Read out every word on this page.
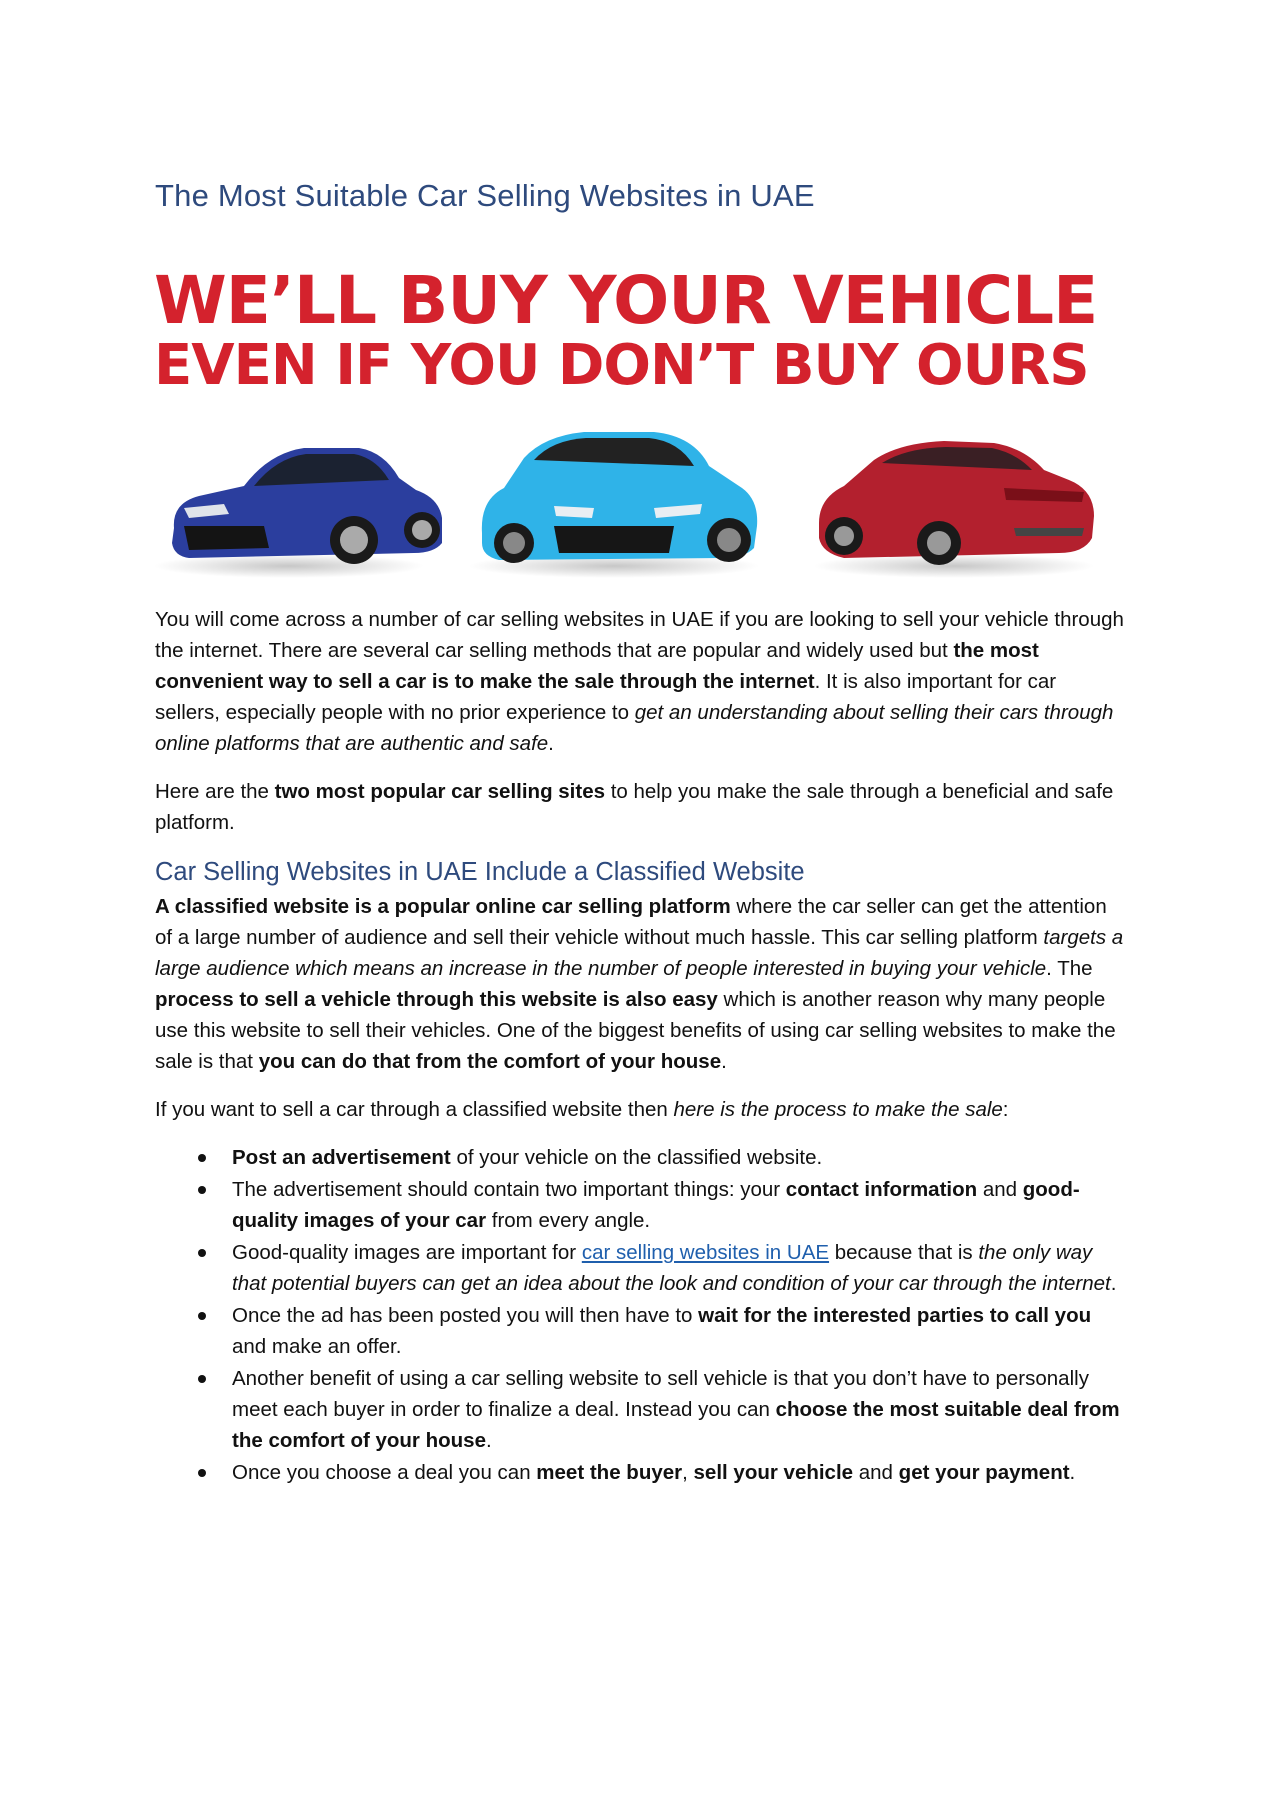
The Most Suitable Car Selling Websites in UAE
WE’LL BUY YOUR VEHICLE
EVEN IF YOU DON’T BUY OURS

You will come across a number of car selling websites in UAE if you are looking to sell your vehicle through the internet. There are several car selling methods that are popular and widely used but the most convenient way to sell a car is to make the sale through the internet. It is also important for car sellers, especially people with no prior experience to get an understanding about selling their cars through online platforms that are authentic and safe.

Here are the two most popular car selling sites to help you make the sale through a beneficial and safe platform.

Car Selling Websites in UAE Include a Classified Website

A classified website is a popular online car selling platform where the car seller can get the attention of a large number of audience and sell their vehicle without much hassle. This car selling platform targets a large audience which means an increase in the number of people interested in buying your vehicle. The process to sell a vehicle through this website is also easy which is another reason why many people use this website to sell their vehicles. One of the biggest benefits of using car selling websites to make the sale is that you can do that from the comfort of your house.

If you want to sell a car through a classified website then here is the process to make the sale:

Post an advertisement of your vehicle on the classified website.
The advertisement should contain two important things: your contact information and good-quality images of your car from every angle.
Good-quality images are important for car selling websites in UAE because that is the only way that potential buyers can get an idea about the look and condition of your car through the internet.
Once the ad has been posted you will then have to wait for the interested parties to call you and make an offer.
Another benefit of using a car selling website to sell vehicle is that you don’t have to personally meet each buyer in order to finalize a deal. Instead you can choose the most suitable deal from the comfort of your house.
Once you choose a deal you can meet the buyer, sell your vehicle and get your payment.
